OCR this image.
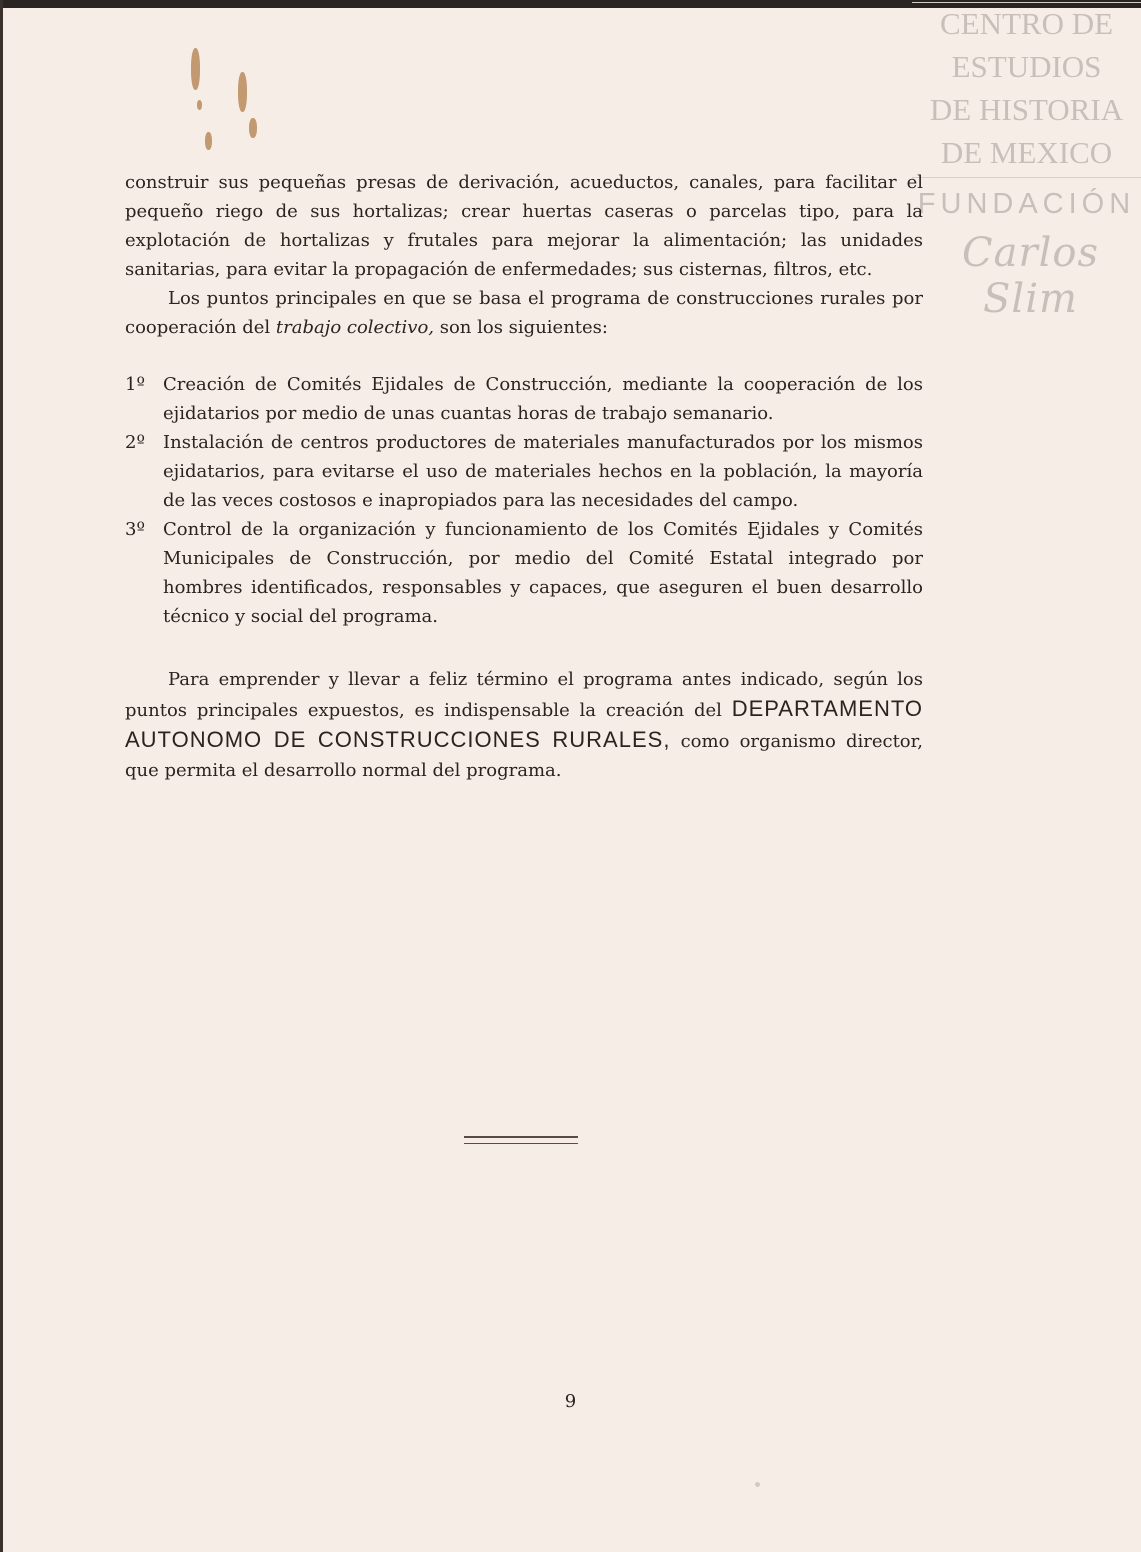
CENTRO DE
ESTUDIOS
DE HISTORIA
DE MEXICO
FUNDACIÓN
Carlos Slim

construir sus pequeñas presas de derivación, acueductos, canales, para facilitar el pequeño riego de sus hortalizas; crear huertas caseras o parcelas tipo, para la explotación de hortalizas y frutales para mejorar la alimentación; las unidades sanitarias, para evitar la propagación de enfermedades; sus cisternas, filtros, etc.

Los puntos principales en que se basa el programa de construcciones rurales por cooperación del trabajo colectivo, son los siguientes:

1º Creación de Comités Ejidales de Construcción, mediante la cooperación de los ejidatarios por medio de unas cuantas horas de trabajo semanario.
2º Instalación de centros productores de materiales manufacturados por los mismos ejidatarios, para evitarse el uso de materiales hechos en la población, la mayoría de las veces costosos e inapropiados para las necesidades del campo.
3º Control de la organización y funcionamiento de los Comités Ejidales y Comités Municipales de Construcción, por medio del Comité Estatal integrado por hombres identificados, responsables y capaces, que aseguren el buen desarrollo técnico y social del programa.

Para emprender y llevar a feliz término el programa antes indicado, según los puntos principales expuestos, es indispensable la creación del DEPARTAMENTO AUTONOMO DE CONSTRUCCIONES RURALES, como organismo director, que permita el desarrollo normal del programa.

9
